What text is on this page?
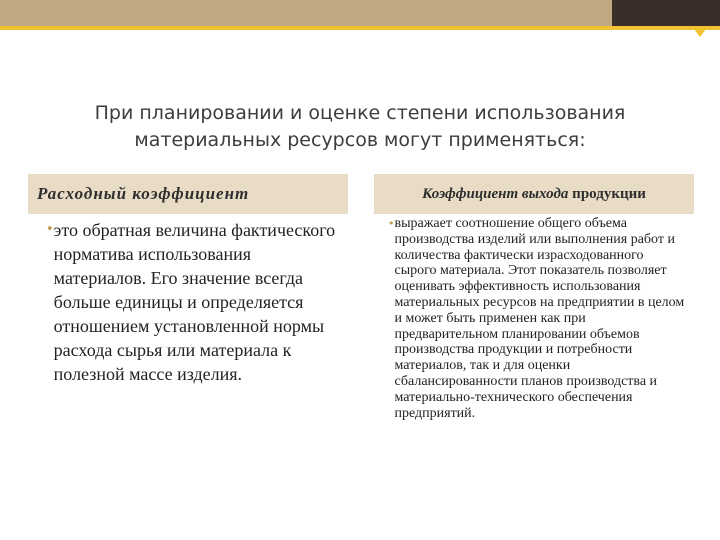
При планировании и оценке степени использования
материальных ресурсов могут применяться:
Расходный коэффициент	Коэффициент выхода продукции
• это обратная величина фактического норматива использования материалов. Его значение всегда больше единицы и определяется отношением установленной нормы расхода сырья или материала к полезной массе изделия.
• выражает соотношение общего объема производства изделий или выполнения работ и количества фактически израсходованного сырого материала. Этот показатель позволяет оценивать эффективность использования материальных ресурсов на предприятии в целом и может быть применен как при предварительном планировании объемов производства продукции и потребности материалов, так и для оценки сбалансированности планов производства и материально-технического обеспечения предприятий.
